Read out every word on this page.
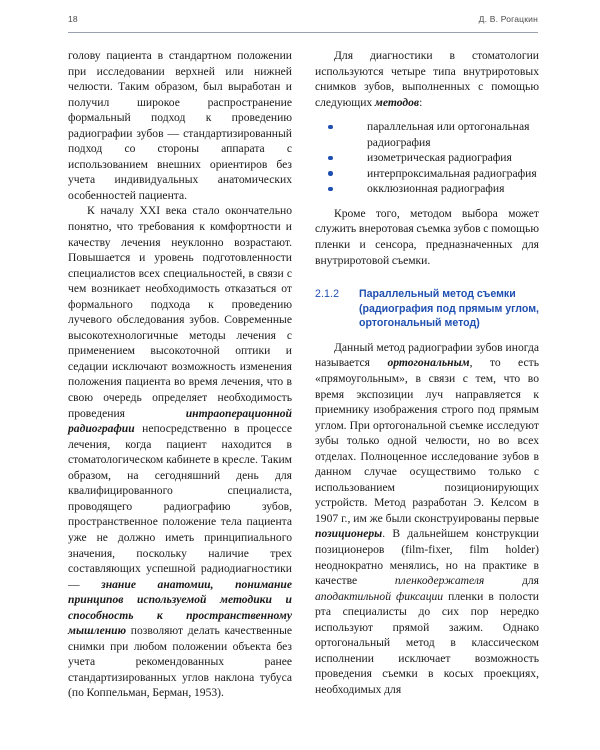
18	Д. В. Рогацкин

голову пациента в стандартном положении при исследовании верхней или нижней челюсти. Таким образом, был выработан и получил широкое распространение формальный подход к проведению радиографии зубов — стандартизированный подход со стороны аппарата с использованием внешних ориентиров без учета индивидуальных анатомических особенностей пациента.

К началу XXI века стало окончательно понятно, что требования к комфортности и качеству лечения неуклонно возрастают. Повышается и уровень подготовленности специалистов всех специальностей, в связи с чем возникает необходимость отказаться от формального подхода к проведению лучевого обследования зубов. Современные высокотехнологичные методы лечения с применением высокоточной оптики и седации исключают возможность изменения положения пациента во время лечения, что в свою очередь определяет необходимость проведения интраоперационной радиографии непосредственно в процессе лечения, когда пациент находится в стоматологическом кабинете в кресле. Таким образом, на сегодняшний день для квалифицированного специалиста, проводящего радиографию зубов, пространственное положение тела пациента уже не должно иметь принципиального значения, поскольку наличие трех составляющих успешной радиодиагностики — знание анатомии, понимание принципов используемой методики и способность к пространственному мышлению позволяют делать качественные снимки при любом положении объекта без учета рекомендованных ранее стандартизированных углов наклона тубуса (по Коппельман, Берман, 1953).

Для диагностики в стоматологии используются четыре типа внутриротовых снимков зубов, выполненных с помощью следующих методов:

параллельная или ортогональная радиография
изометрическая радиография
интерпроксимальная радиография
окклюзионная радиография

Кроме того, методом выбора может служить внеротовая съемка зубов с помощью пленки и сенсора, предназначенных для внутриротовой съемки.

2.1.2	Параллельный метод съемки (радиография под прямым углом, ортогональный метод)

Данный метод радиографии зубов иногда называется ортогональным, то есть «прямоугольным», в связи с тем, что во время экспозиции луч направляется к приемнику изображения строго под прямым углом. При ортогональной съемке исследуют зубы только одной челюсти, но во всех отделах. Полноценное исследование зубов в данном случае осуществимо только с использованием позиционирующих устройств. Метод разработан Э. Келсом в 1907 г., им же были сконструированы первые позиционеры. В дальнейшем конструкции позиционеров (film-fixer, film holder) неоднократно менялись, но на практике в качестве пленкодержателя для аподактильной фиксации пленки в полости рта специалисты до сих пор нередко используют прямой зажим. Однако ортогональный метод в классическом исполнении исключает возможность проведения съемки в косых проекциях, необходимых для
